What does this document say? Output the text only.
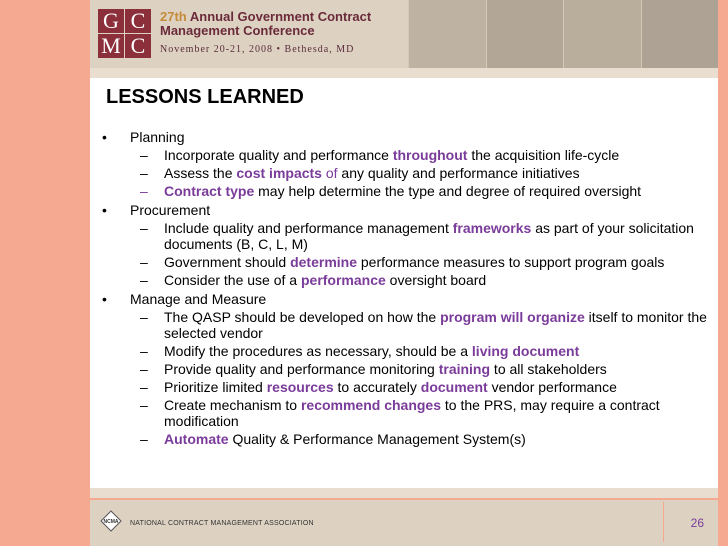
G C
M C
27th Annual Government Contract
Management Conference
November 20-21, 2008 • Bethesda, MD
LESSONS LEARNED
• Planning
– Incorporate quality and performance throughout the acquisition life-cycle
– Assess the cost impacts of any quality and performance initiatives
– Contract type may help determine the type and degree of required oversight
• Procurement
– Include quality and performance management frameworks as part of your solicitation documents (B, C, L, M)
– Government should determine performance measures to support program goals
– Consider the use of a performance oversight board
• Manage and Measure
– The QASP should be developed on how the program will organize itself to monitor the selected vendor
– Modify the procedures as necessary, should be a living document
– Provide quality and performance monitoring training to all stakeholders
– Prioritize limited resources to accurately document vendor performance
– Create mechanism to recommend changes to the PRS, may require a contract modification
– Automate Quality & Performance Management System(s)
NCMA NATIONAL CONTRACT MANAGEMENT ASSOCIATION	26
